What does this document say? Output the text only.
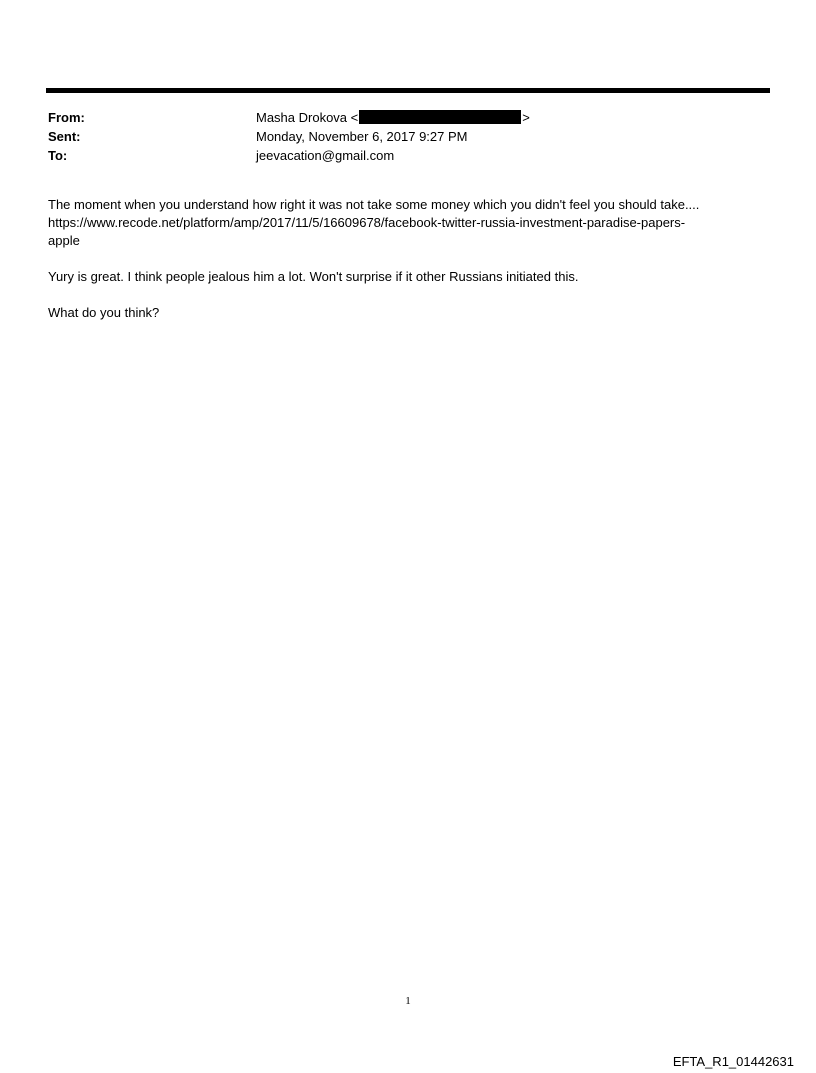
From:	Masha Drokova <	>
Sent:	Monday, November 6, 2017 9:27 PM
To:	jeevacation@gmail.com

The moment when you understand how right it was not take some money which you didn't feel you should take....
https://www.recode.net/platform/amp/2017/11/5/16609678/facebook-twitter-russia-investment-paradise-papers-
apple

Yury is great. I think people jealous him a lot. Won't surprise if it other Russians initiated this.

What do you think?

1
EFTA_R1_01442631
